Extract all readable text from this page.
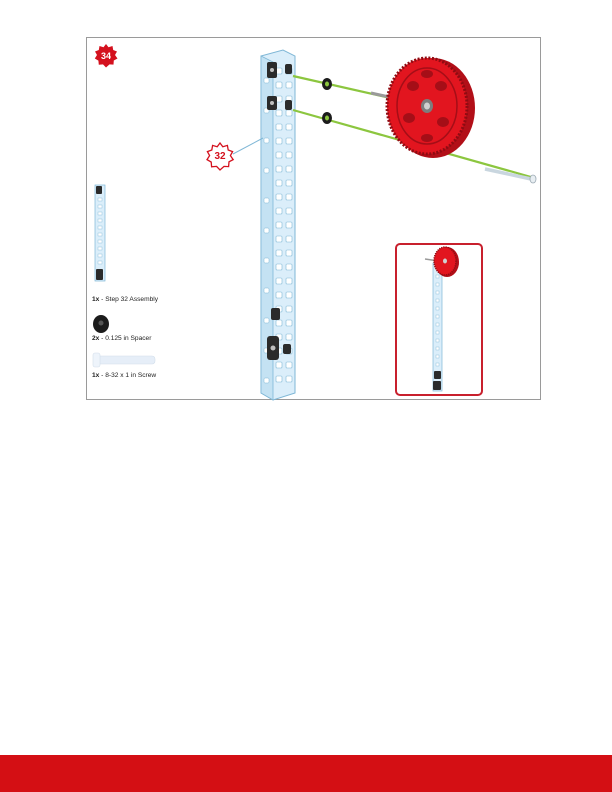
34
32
1x - Step 32 Assembly
2x - 0.125 in Spacer
1x - 8-32 x 1 in Screw
